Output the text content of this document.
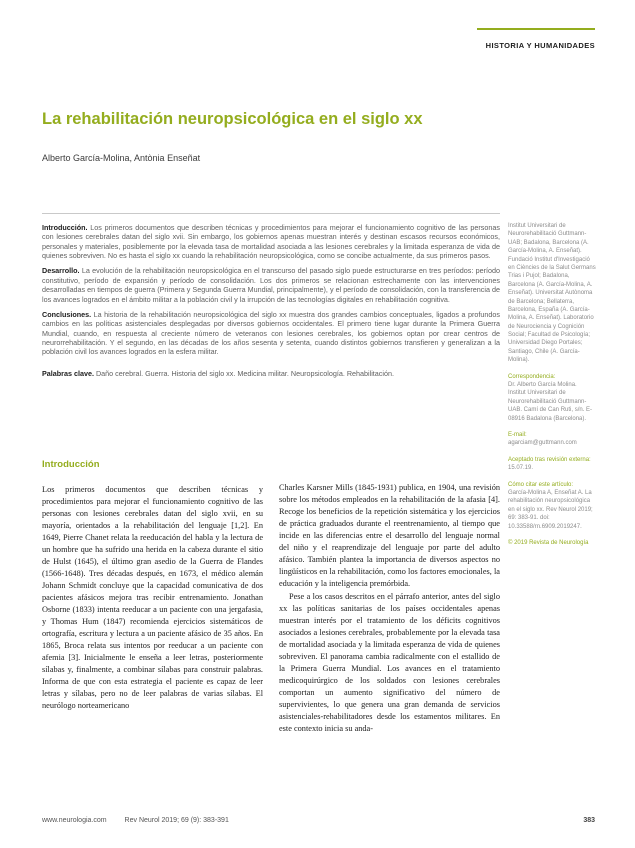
HISTORIA Y HUMANIDADES
La rehabilitación neuropsicológica en el siglo xx
Alberto García-Molina, Antònia Enseñat

Introducción. Los primeros documentos que describen técnicas y procedimientos para mejorar el funcionamiento cognitivo de las personas con lesiones cerebrales datan del siglo xvii. Sin embargo, los gobiernos apenas muestran interés y destinan escasos recursos económicos, personales y materiales, posiblemente por la elevada tasa de mortalidad asociada a las lesiones cerebrales y la limitada esperanza de vida de quienes sobreviven. No es hasta el siglo xx cuando la rehabilitación neuropsicológica, como se concibe actualmente, da sus primeros pasos.

Desarrollo. La evolución de la rehabilitación neuropsicológica en el transcurso del pasado siglo puede estructurarse en tres períodos: período constitutivo, período de expansión y período de consolidación. Los dos primeros se relacionan estrechamente con las intervenciones desarrolladas en tiempos de guerra (Primera y Segunda Guerra Mundial, principalmente), y el período de consolidación, con la transferencia de los avances logrados en el ámbito militar a la población civil y la irrupción de las tecnologías digitales en rehabilitación cognitiva.

Conclusiones. La historia de la rehabilitación neuropsicológica del siglo xx muestra dos grandes cambios conceptuales, ligados a profundos cambios en las políticas asistenciales desplegadas por diversos gobiernos occidentales. El primero tiene lugar durante la Primera Guerra Mundial, cuando, en respuesta al creciente número de veteranos con lesiones cerebrales, los gobiernos optan por crear centros de neurorrehabilitación. Y el segundo, en las décadas de los años sesenta y setenta, cuando distintos gobiernos transfieren y generalizan a la población civil los avances logrados en la esfera militar.

Palabras clave. Daño cerebral. Guerra. Historia del siglo xx. Medicina militar. Neuropsicología. Rehabilitación.

Institut Universitari de Neurorehabilitació Guttmann-UAB; Badalona, Barcelona (A. García-Molina, A. Enseñat). Fundació Institut d'Investigació en Ciències de la Salut Germans Trias i Pujol; Badalona, Barcelona (A. García-Molina, A. Enseñat). Universitat Autònoma de Barcelona; Bellaterra, Barcelona, España (A. García-Molina, A. Enseñat). Laboratorio de Neurociencia y Cognición Social; Facultad de Psicología; Universidad Diego Portales; Santiago, Chile (A. García-Molina).
Correspondencia:
Dr. Alberto García Molina. Institut Universitari de Neurorehabilitació Guttmann-UAB. Camí de Can Ruti, s/n. E-08916 Badalona (Barcelona).
E-mail:
agarciam@guttmann.com
Aceptado tras revisión externa:
15.07.19.
Cómo citar este artículo:
García-Molina A, Enseñat A. La rehabilitación neuropsicológica en el siglo xx. Rev Neurol 2019; 69: 383-91. doi: 10.33588/rn.6909.2019247.
© 2019 Revista de Neurología
Introducción

Los primeros documentos que describen técnicas y procedimientos para mejorar el funcionamiento cognitivo de las personas con lesiones cerebrales datan del siglo xvii, en su mayoría, orientados a la rehabilitación del lenguaje [1,2]. En 1649, Pierre Chanet relata la reeducación del habla y la lectura de un hombre que ha sufrido una herida en la cabeza durante el sitio de Hulst (1645), el último gran asedio de la Guerra de Flandes (1566-1648). Tres décadas después, en 1673, el médico alemán Johann Schmidt concluye que la capacidad comunicativa de dos pacientes afásicos mejora tras recibir entrenamiento. Jonathan Osborne (1833) intenta reeducar a un paciente con una jergafasia, y Thomas Hum (1847) recomienda ejercicios sistemáticos de ortografía, escritura y lectura a un paciente afásico de 35 años. En 1865, Broca relata sus intentos por reeducar a un paciente con afemia [3]. Inicialmente le enseña a leer letras, posteriormente sílabas y, finalmente, a combinar sílabas para construir palabras. Informa de que con esta estrategia el paciente es capaz de leer letras y sílabas, pero no de leer palabras de varias sílabas. El neurólogo norteamericano

Charles Karsner Mills (1845-1931) publica, en 1904, una revisión sobre los métodos empleados en la rehabilitación de la afasia [4]. Recoge los beneficios de la repetición sistemática y los ejercicios de práctica graduados durante el reentrenamiento, al tiempo que incide en las diferencias entre el desarrollo del lenguaje normal del niño y el reaprendizaje del lenguaje por parte del adulto afásico. También plantea la importancia de diversos aspectos no lingüísticos en la rehabilitación, como los factores emocionales, la educación y la inteligencia premórbida.

Pese a los casos descritos en el párrafo anterior, antes del siglo xx las políticas sanitarias de los países occidentales apenas muestran interés por el tratamiento de los déficits cognitivos asociados a lesiones cerebrales, probablemente por la elevada tasa de mortalidad asociada y la limitada esperanza de vida de quienes sobreviven. El panorama cambia radicalmente con el estallido de la Primera Guerra Mundial. Los avances en el tratamiento medicoquirúrgico de los soldados con lesiones cerebrales comportan un aumento significativo del número de supervivientes, lo que genera una gran demanda de servicios asistenciales-rehabilitadores desde los estamentos militares. En este contexto inicia su anda-

www.neurologia.com	Rev Neurol 2019; 69 (9): 383-391	383
